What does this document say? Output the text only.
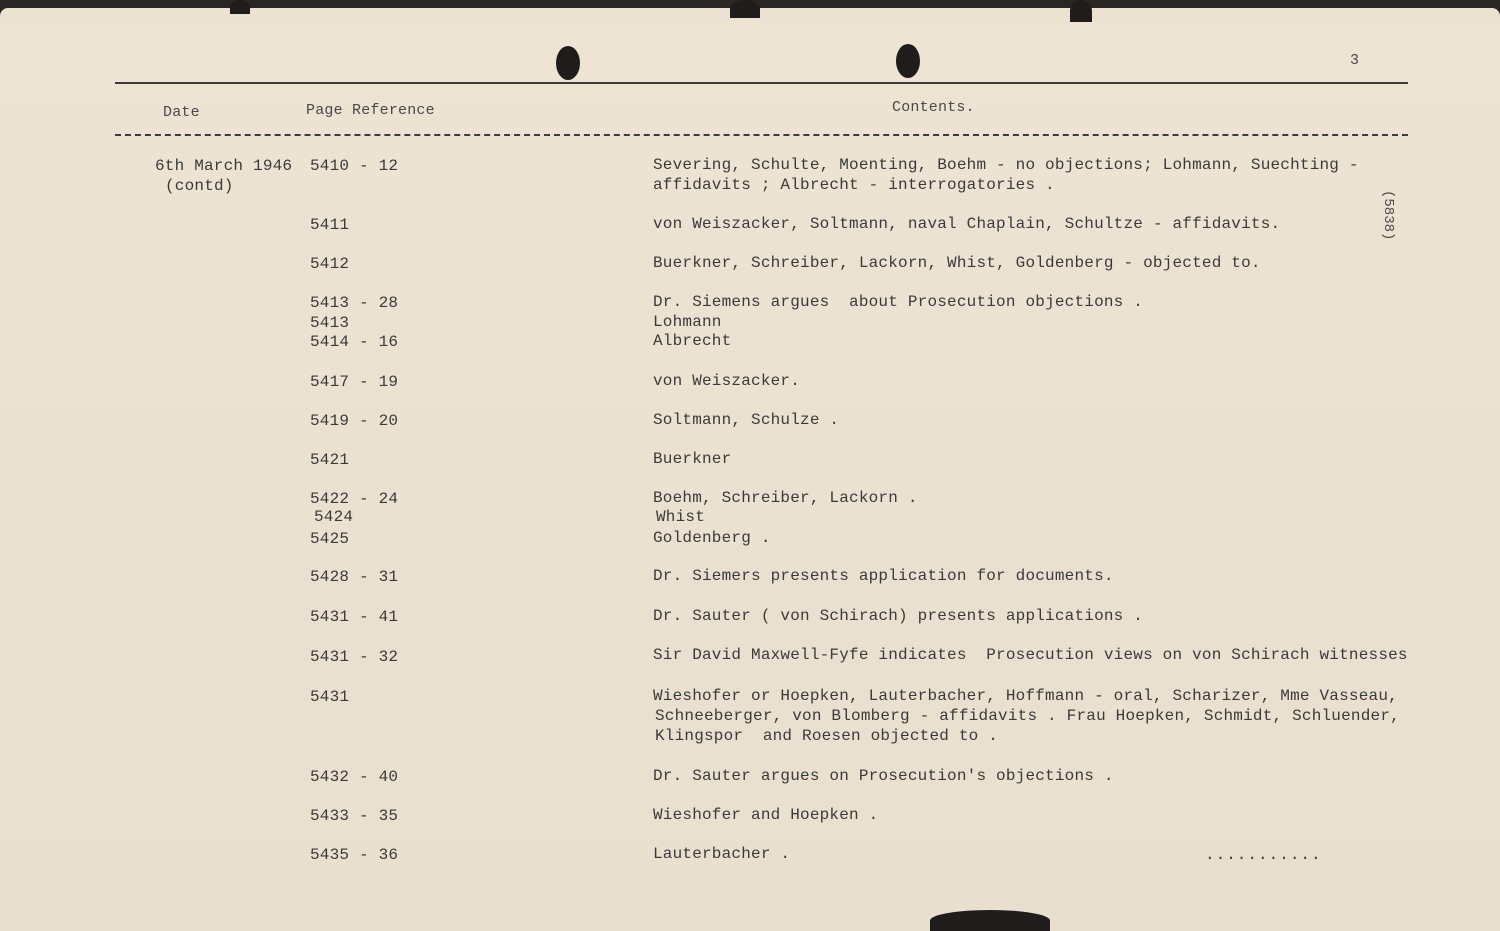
3
(5838)
Date	Page Reference	Contents.
6th March 1946
(contd)
5410 - 12	Severing, Schulte, Moenting, Boehm - no objections; Lohmann, Suechting -
affidavits ; Albrecht - interrogatories .
5411	von Weiszacker, Soltmann, naval Chaplain, Schultze - affidavits.
5412	Buerkner, Schreiber, Lackorn, Whist, Goldenberg - objected to.
5413 - 28	Dr. Siemens argues  about Prosecution objections .
5413	Lohmann
5414 - 16	Albrecht
5417 - 19	von Weiszacker.
5419 - 20	Soltmann, Schulze .
5421	Buerkner
5422 - 24	Boehm, Schreiber, Lackorn .
5424	Whist
5425	Goldenberg .
5428 - 31	Dr. Siemers presents application for documents.
5431 - 41	Dr. Sauter ( von Schirach) presents applications .
5431 - 32	Sir David Maxwell-Fyfe indicates  Prosecution views on von Schirach witnesses
5431	Wieshofer or Hoepken, Lauterbacher, Hoffmann - oral, Scharizer, Mme Vasseau,
Schneeberger, von Blomberg - affidavits . Frau Hoepken, Schmidt, Schluender,
Klingspor  and Roesen objected to .
5432 - 40	Dr. Sauter argues on Prosecution's objections .
5433 - 35	Wieshofer and Hoepken .
5435 - 36	Lauterbacher .	...........
